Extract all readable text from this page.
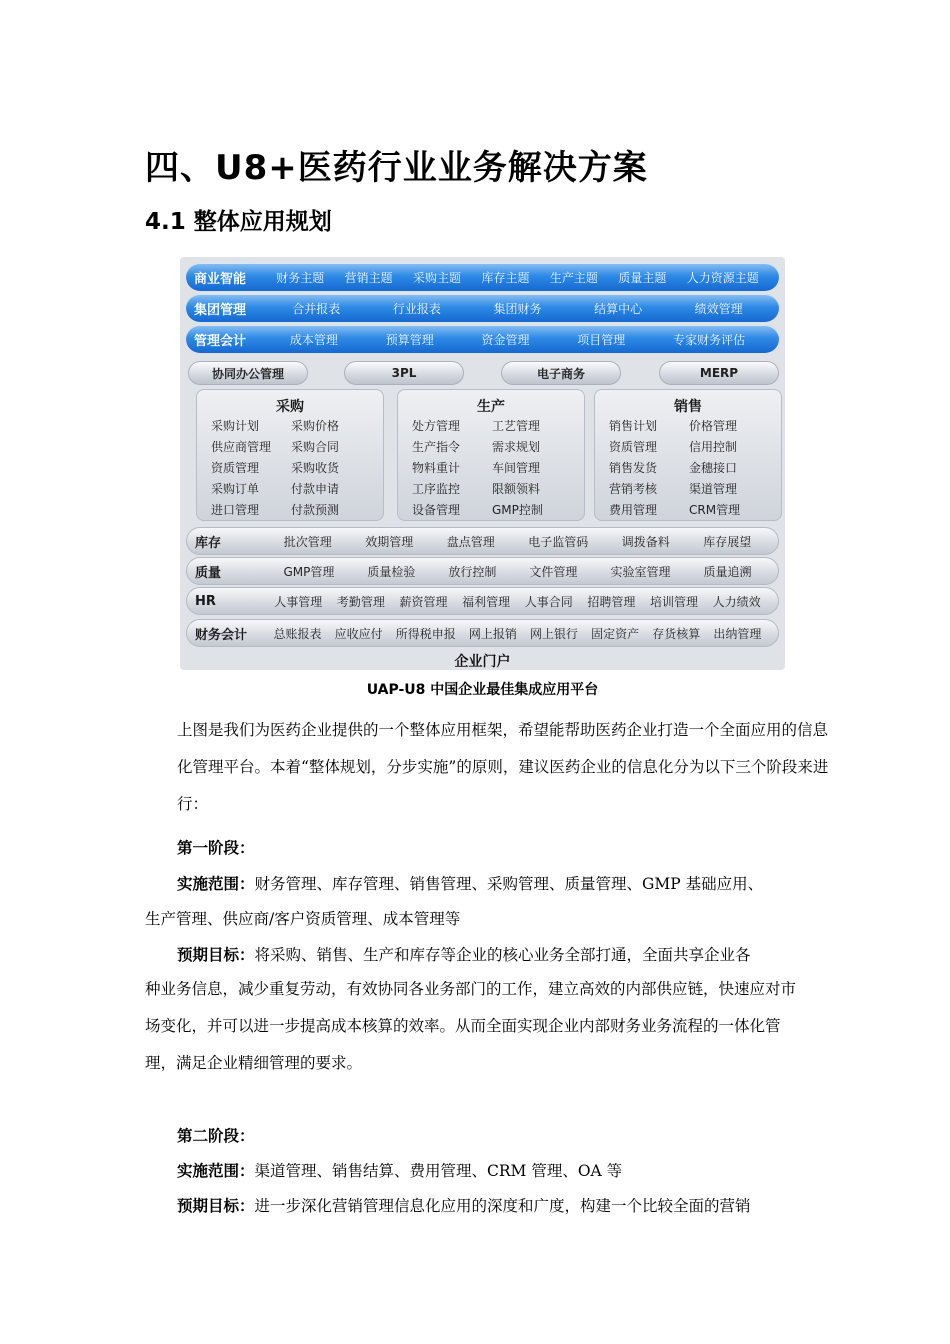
四、U8+医药行业业务解决方案
4.1 整体应用规划
商业智能	财务主题 营销主题 采购主题 库存主题 生产主题 质量主题 人力资源主题
集团管理	合并报表	行业报表	集团财务	结算中心	绩效管理
管理会计	成本管理	预算管理	资金管理	项目管理	专家财务评估
协同办公管理	3PL	电子商务	MERP
采购
采购计划	采购价格
供应商管理	采购合同
资质管理	采购收货
采购订单	付款申请
进口管理	付款预测
生产
处方管理	工艺管理
生产指令	需求规划
物料重计	车间管理
工序监控	限额领料
设备管理	GMP控制
销售
销售计划	价格管理
资质管理	信用控制
销售发货	金穗接口
营销考核	渠道管理
费用管理	CRM管理
库存	批次管理	效期管理	盘点管理	电子监管码	调拨备料	库存展望
质量	GMP管理	质量检验	放行控制	文件管理	实验室管理	质量追溯
HR	人事管理 考勤管理 薪资管理 福利管理 人事合同 招聘管理 培训管理 人力绩效
财务会计	总账报表 应收应付 所得税申报 网上报销 网上银行 固定资产 存货核算 出纳管理
企业门户
UAP-U8 中国企业最佳集成应用平台
上图是我们为医药企业提供的一个整体应用框架，希望能帮助医药企业打造一个全面应用的信息化管理平台。本着“整体规划，分步实施”的原则，建议医药企业的信息化分为以下三个阶段来进行：
第一阶段：
实施范围：财务管理、库存管理、销售管理、采购管理、质量管理、GMP 基础应用、
生产管理、供应商/客户资质管理、成本管理等
预期目标：将采购、销售、生产和库存等企业的核心业务全部打通，全面共享企业各
种业务信息，减少重复劳动，有效协同各业务部门的工作，建立高效的内部供应链，快速应对市场变化，并可以进一步提高成本核算的效率。从而全面实现企业内部财务业务流程的一体化管理，满足企业精细管理的要求。
第二阶段：
实施范围：渠道管理、销售结算、费用管理、CRM 管理、OA 等
预期目标：进一步深化营销管理信息化应用的深度和广度，构建一个比较全面的营销
